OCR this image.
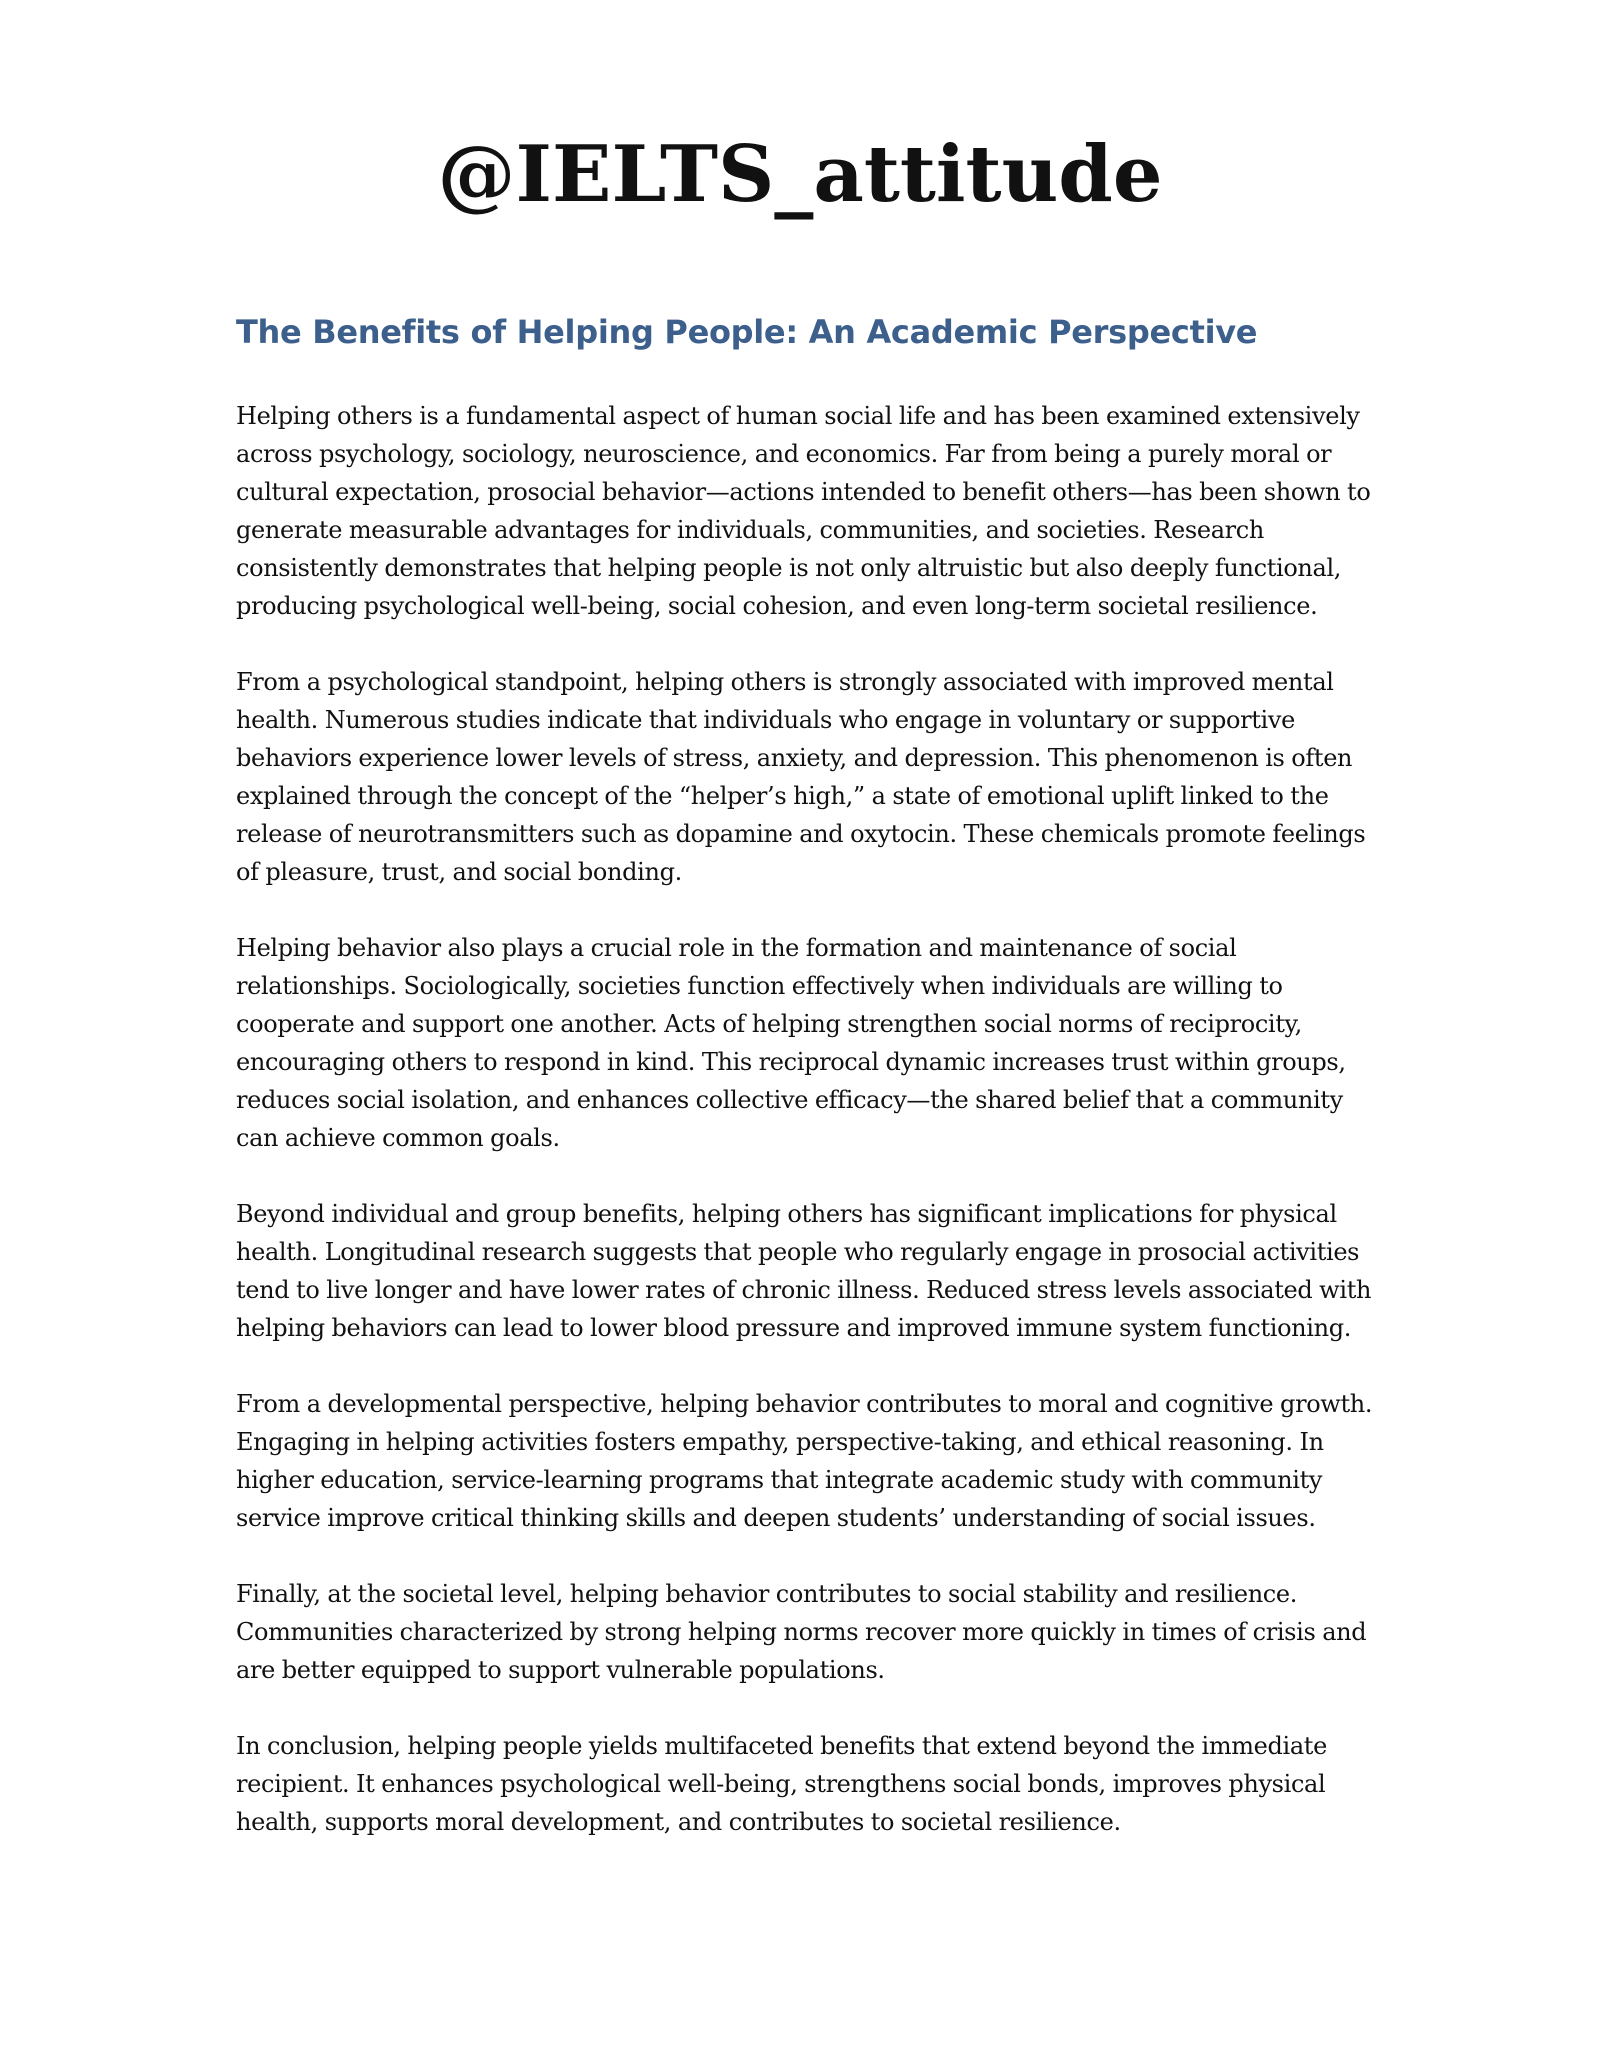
@IELTS_attitude
The Benefits of Helping People: An Academic Perspective

Helping others is a fundamental aspect of human social life and has been examined extensively across psychology, sociology, neuroscience, and economics. Far from being a purely moral or cultural expectation, prosocial behavior—actions intended to benefit others—has been shown to generate measurable advantages for individuals, communities, and societies. Research consistently demonstrates that helping people is not only altruistic but also deeply functional, producing psychological well-being, social cohesion, and even long-term societal resilience.

From a psychological standpoint, helping others is strongly associated with improved mental health. Numerous studies indicate that individuals who engage in voluntary or supportive behaviors experience lower levels of stress, anxiety, and depression. This phenomenon is often explained through the concept of the “helper’s high,” a state of emotional uplift linked to the release of neurotransmitters such as dopamine and oxytocin. These chemicals promote feelings of pleasure, trust, and social bonding.

Helping behavior also plays a crucial role in the formation and maintenance of social relationships. Sociologically, societies function effectively when individuals are willing to cooperate and support one another. Acts of helping strengthen social norms of reciprocity, encouraging others to respond in kind. This reciprocal dynamic increases trust within groups, reduces social isolation, and enhances collective efficacy—the shared belief that a community can achieve common goals.

Beyond individual and group benefits, helping others has significant implications for physical health. Longitudinal research suggests that people who regularly engage in prosocial activities tend to live longer and have lower rates of chronic illness. Reduced stress levels associated with helping behaviors can lead to lower blood pressure and improved immune system functioning.

From a developmental perspective, helping behavior contributes to moral and cognitive growth. Engaging in helping activities fosters empathy, perspective-taking, and ethical reasoning. In higher education, service-learning programs that integrate academic study with community service improve critical thinking skills and deepen students’ understanding of social issues.

Finally, at the societal level, helping behavior contributes to social stability and resilience. Communities characterized by strong helping norms recover more quickly in times of crisis and are better equipped to support vulnerable populations.

In conclusion, helping people yields multifaceted benefits that extend beyond the immediate recipient. It enhances psychological well-being, strengthens social bonds, improves physical health, supports moral development, and contributes to societal resilience.
